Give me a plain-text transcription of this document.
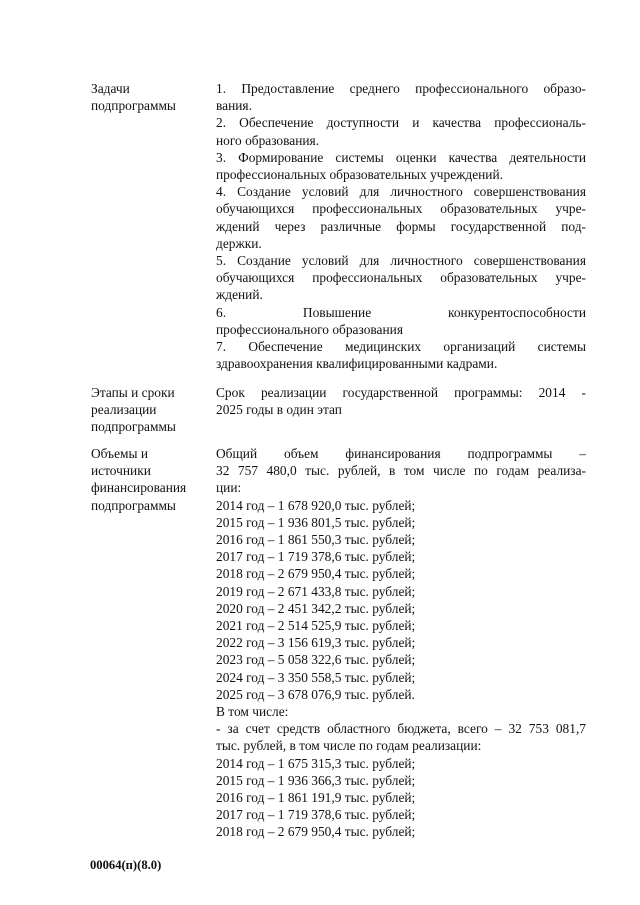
Задачи
подпрограммы
1. Предоставление среднего профессионального образо-
вания.
2. Обеспечение доступности и качества профессиональ-
ного образования.
3. Формирование системы оценки качества деятельности
профессиональных образовательных учреждений.
4. Создание условий для личностного совершенствования
обучающихся профессиональных образовательных учре-
ждений через различные формы государственной под-
держки.
5. Создание условий для личностного совершенствования
обучающихся профессиональных образовательных учре-
ждений.
6. Повышение конкурентоспособности
профессионального образования
7. Обеспечение медицинских организаций системы
здравоохранения квалифицированными кадрами.
Этапы и сроки
реализации
подпрограммы
Срок реализации государственной программы: 2014 -
2025 годы в один этап
Объемы и
источники
финансирования
подпрограммы
Общий объем финансирования подпрограммы –
32 757 480,0 тыс. рублей, в том числе по годам реализа-
ции:
2014 год – 1 678 920,0 тыс. рублей;
2015 год – 1 936 801,5 тыс. рублей;
2016 год – 1 861 550,3 тыс. рублей;
2017 год – 1 719 378,6 тыс. рублей;
2018 год – 2 679 950,4 тыс. рублей;
2019 год – 2 671 433,8 тыс. рублей;
2020 год – 2 451 342,2 тыс. рублей;
2021 год – 2 514 525,9 тыс. рублей;
2022 год – 3 156 619,3 тыс. рублей;
2023 год – 5 058 322,6 тыс. рублей;
2024 год – 3 350 558,5 тыс. рублей;
2025 год – 3 678 076,9 тыс. рублей.
В том числе:
- за счет средств областного бюджета, всего – 32 753 081,7
тыс. рублей, в том числе по годам реализации:
2014 год – 1 675 315,3 тыс. рублей;
2015 год – 1 936 366,3 тыс. рублей;
2016 год – 1 861 191,9 тыс. рублей;
2017 год – 1 719 378,6 тыс. рублей;
2018 год – 2 679 950,4 тыс. рублей;
00064(п)(8.0)
